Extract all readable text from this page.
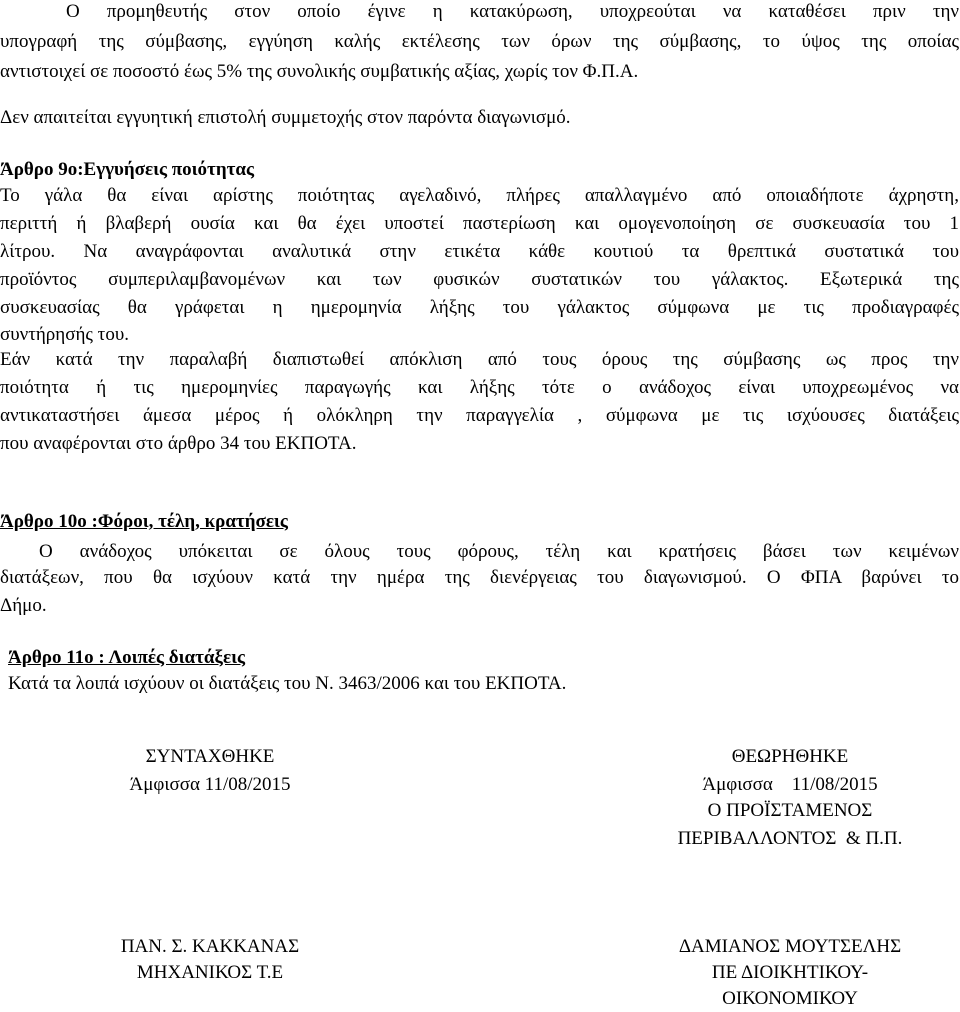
Ο προμηθευτής στον οποίο έγινε η κατακύρωση, υποχρεούται να καταθέσει πριν την
υπογραφή της σύμβασης, εγγύηση καλής εκτέλεσης των όρων της σύμβασης, το ύψος της οποίας
αντιστοιχεί σε ποσοστό έως 5% της συνολικής συμβατικής αξίας, χωρίς τον Φ.Π.Α.
Δεν απαιτείται εγγυητική επιστολή συμμετοχής στον παρόντα διαγωνισμό.
Άρθρο 9ο:Εγγυήσεις ποιότητας
Το γάλα θα είναι αρίστης ποιότητας αγελαδινό, πλήρες απαλλαγμένο από οποιαδήποτε άχρηστη,
περιττή ή βλαβερή ουσία και θα έχει υποστεί παστερίωση και ομογενοποίηση σε συσκευασία του 1
λίτρου. Να αναγράφονται αναλυτικά στην ετικέτα κάθε κουτιού τα θρεπτικά συστατικά του
προϊόντος συμπεριλαμβανομένων και των φυσικών συστατικών του γάλακτος. Εξωτερικά της
συσκευασίας θα γράφεται η ημερομηνία λήξης του γάλακτος σύμφωνα με τις προδιαγραφές
συντήρησής του.
Εάν κατά την παραλαβή διαπιστωθεί απόκλιση από τους όρους της σύμβασης ως προς την
ποιότητα ή τις ημερομηνίες παραγωγής και λήξης τότε ο ανάδοχος είναι υποχρεωμένος να
αντικαταστήσει άμεσα μέρος ή ολόκληρη την παραγγελία , σύμφωνα με τις ισχύουσες διατάξεις
που αναφέρονται στο άρθρο 34 του ΕΚΠΟΤΑ.
Άρθρο 10ο :Φόροι, τέλη, κρατήσεις
Ο ανάδοχος υπόκειται σε όλους τους φόρους, τέλη και κρατήσεις βάσει των κειμένων
διατάξεων, που θα ισχύουν κατά την ημέρα της διενέργειας του διαγωνισμού. Ο ΦΠΑ βαρύνει το
Δήμο.
Άρθρο 11ο : Λοιπές διατάξεις
Κατά τα λοιπά ισχύουν οι διατάξεις του Ν. 3463/2006 και του ΕΚΠΟΤΑ.
ΣΥΝΤΑΧΘΗΚΕ
Άμφισσα 11/08/2015
ΠΑΝ. Σ. ΚΑΚΚΑΝΑΣ
ΜΗΧΑΝΙΚΟΣ Τ.Ε
ΘΕΩΡΗΘΗΚΕ
Άμφισσα    11/08/2015
Ο ΠΡΟΪΣΤΑΜΕΝΟΣ
ΠΕΡΙΒΑΛΛΟΝΤΟΣ  & Π.Π.
ΔΑΜΙΑΝΟΣ ΜΟΥΤΣΕΛΗΣ
ΠΕ ΔΙΟΙΚΗΤΙΚΟΥ-
ΟΙΚΟΝΟΜΙΚΟΥ
